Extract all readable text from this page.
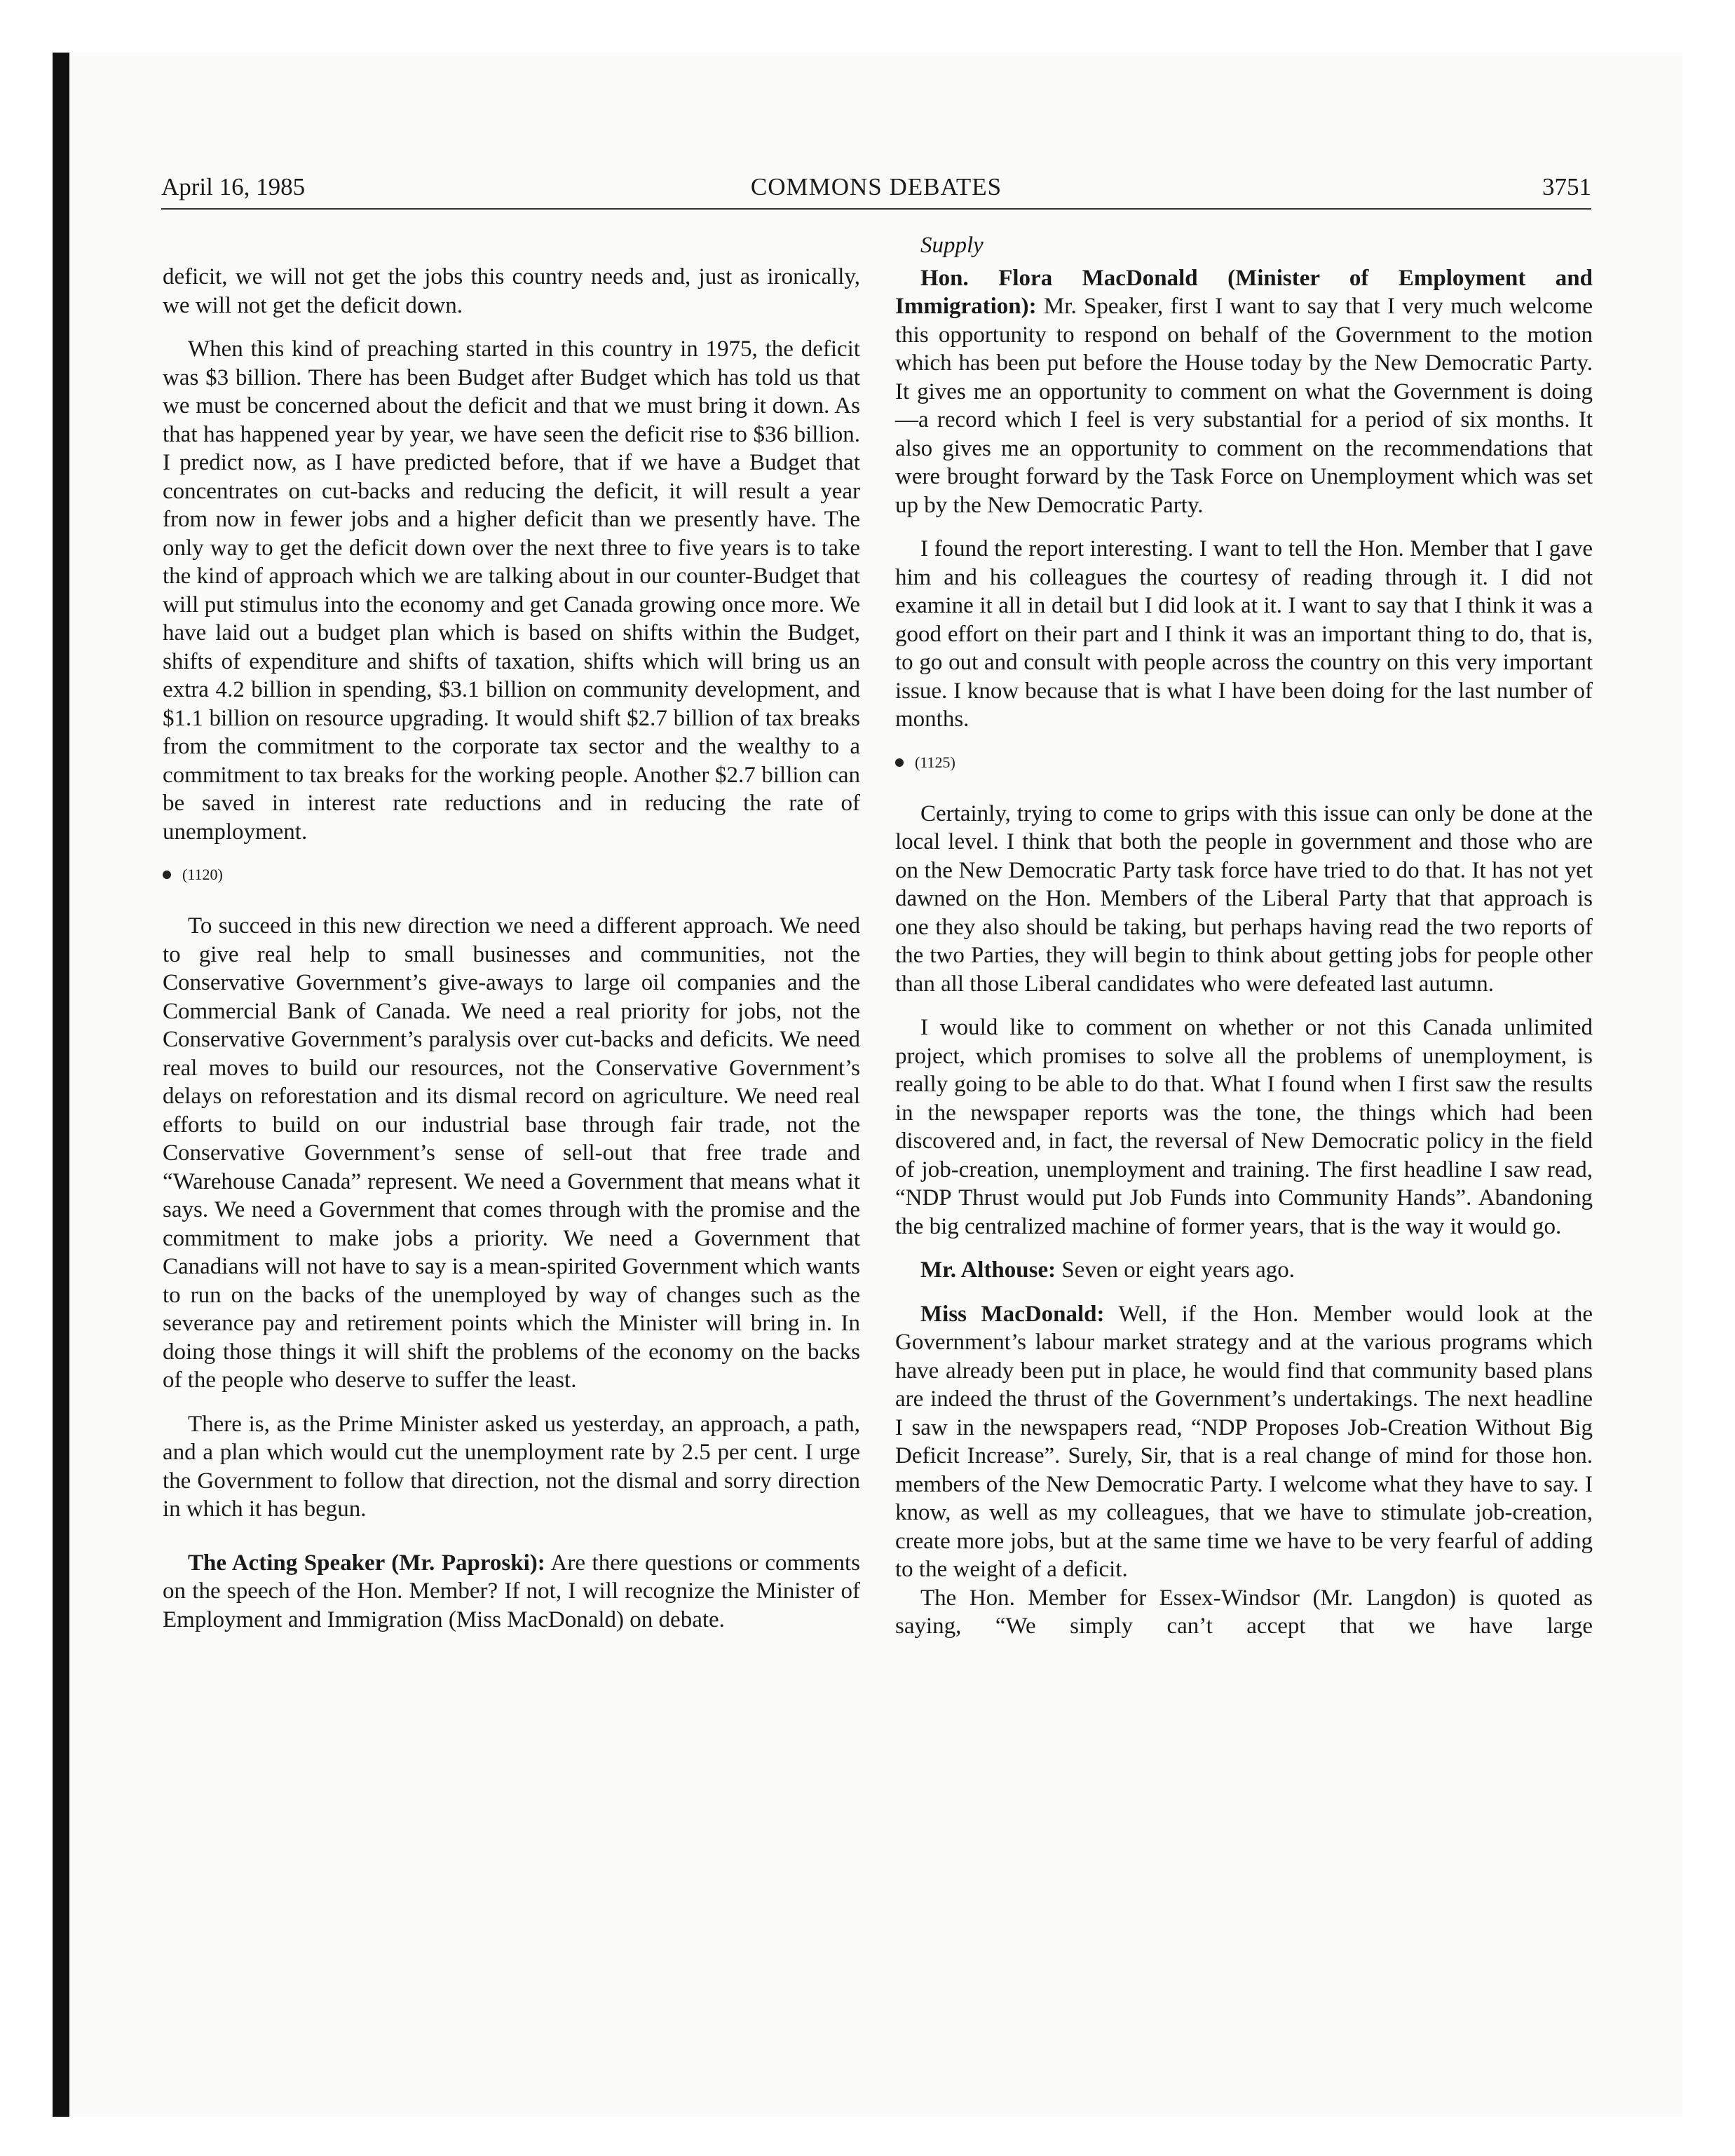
April 16, 1985	COMMONS DEBATES	3751

deficit, we will not get the jobs this country needs and, just as ironically, we will not get the deficit down.

When this kind of preaching started in this country in 1975, the deficit was $3 billion. There has been Budget after Budget which has told us that we must be concerned about the deficit and that we must bring it down. As that has happened year by year, we have seen the deficit rise to $36 billion. I predict now, as I have predicted before, that if we have a Budget that concentrates on cut-backs and reducing the deficit, it will result a year from now in fewer jobs and a higher deficit than we presently have. The only way to get the deficit down over the next three to five years is to take the kind of approach which we are talking about in our counter-Budget that will put stimulus into the economy and get Canada growing once more. We have laid out a budget plan which is based on shifts within the Budget, shifts of expenditure and shifts of taxation, shifts which will bring us an extra 4.2 billion in spending, $3.1 billion on community development, and $1.1 billion on resource upgrading. It would shift $2.7 billion of tax breaks from the commitment to the corporate tax sector and the wealthy to a commitment to tax breaks for the working people. Another $2.7 billion can be saved in interest rate reductions and in reducing the rate of unemployment.

(1120)

To succeed in this new direction we need a different approach. We need to give real help to small businesses and communities, not the Conservative Government’s give-aways to large oil companies and the Commercial Bank of Canada. We need a real priority for jobs, not the Conservative Government’s paralysis over cut-backs and deficits. We need real moves to build our resources, not the Conservative Government’s delays on reforestation and its dismal record on agriculture. We need real efforts to build on our industrial base through fair trade, not the Conservative Government’s sense of sell-out that free trade and “Warehouse Canada” represent. We need a Government that means what it says. We need a Government that comes through with the promise and the commitment to make jobs a priority. We need a Government that Canadians will not have to say is a mean-spirited Government which wants to run on the backs of the unemployed by way of changes such as the severance pay and retirement points which the Minister will bring in. In doing those things it will shift the problems of the economy on the backs of the people who deserve to suffer the least.

There is, as the Prime Minister asked us yesterday, an approach, a path, and a plan which would cut the unemployment rate by 2.5 per cent. I urge the Government to follow that direction, not the dismal and sorry direction in which it has begun.

The Acting Speaker (Mr. Paproski): Are there questions or comments on the speech of the Hon. Member? If not, I will recognize the Minister of Employment and Immigration (Miss MacDonald) on debate.

Supply

Hon. Flora MacDonald (Minister of Employment and Immigration): Mr. Speaker, first I want to say that I very much welcome this opportunity to respond on behalf of the Government to the motion which has been put before the House today by the New Democratic Party. It gives me an opportunity to comment on what the Government is doing—a record which I feel is very substantial for a period of six months. It also gives me an opportunity to comment on the recommendations that were brought forward by the Task Force on Unemployment which was set up by the New Democratic Party.

I found the report interesting. I want to tell the Hon. Member that I gave him and his colleagues the courtesy of reading through it. I did not examine it all in detail but I did look at it. I want to say that I think it was a good effort on their part and I think it was an important thing to do, that is, to go out and consult with people across the country on this very important issue. I know because that is what I have been doing for the last number of months.

(1125)

Certainly, trying to come to grips with this issue can only be done at the local level. I think that both the people in government and those who are on the New Democratic Party task force have tried to do that. It has not yet dawned on the Hon. Members of the Liberal Party that that approach is one they also should be taking, but perhaps having read the two reports of the two Parties, they will begin to think about getting jobs for people other than all those Liberal candidates who were defeated last autumn.

I would like to comment on whether or not this Canada unlimited project, which promises to solve all the problems of unemployment, is really going to be able to do that. What I found when I first saw the results in the newspaper reports was the tone, the things which had been discovered and, in fact, the reversal of New Democratic policy in the field of job-creation, unemployment and training. The first headline I saw read, “NDP Thrust would put Job Funds into Community Hands”. Abandoning the big centralized machine of former years, that is the way it would go.

Mr. Althouse: Seven or eight years ago.

Miss MacDonald: Well, if the Hon. Member would look at the Government’s labour market strategy and at the various programs which have already been put in place, he would find that community based plans are indeed the thrust of the Government’s undertakings. The next headline I saw in the newspapers read, “NDP Proposes Job-Creation Without Big Deficit Increase”. Surely, Sir, that is a real change of mind for those hon. members of the New Democratic Party. I welcome what they have to say. I know, as well as my colleagues, that we have to stimulate job-creation, create more jobs, but at the same time we have to be very fearful of adding to the weight of a deficit.

The Hon. Member for Essex-Windsor (Mr. Langdon) is quoted as saying, “We simply can’t accept that we have large
